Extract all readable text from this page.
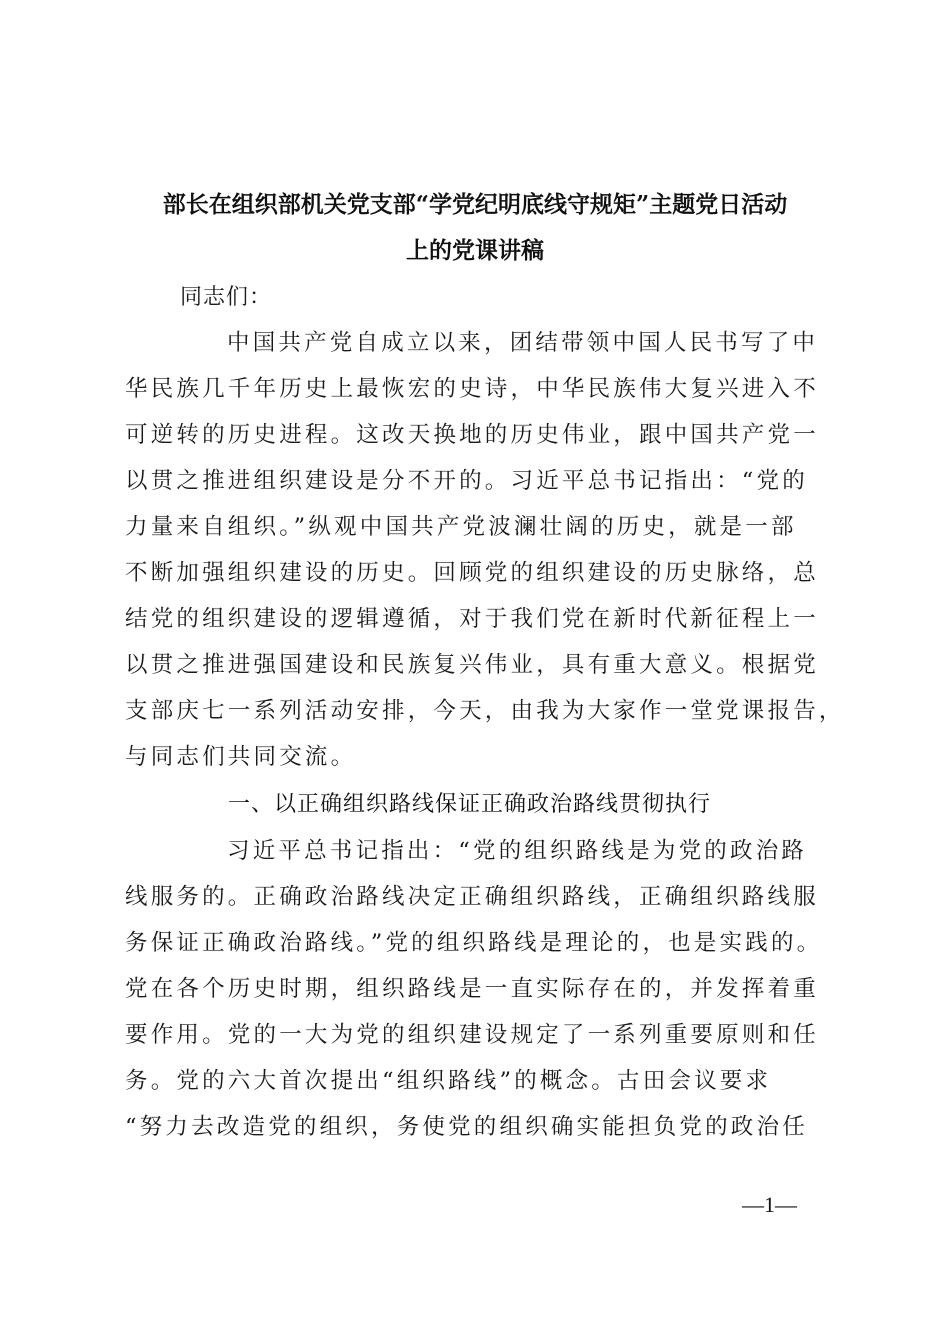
部长在组织部机关党支部“学党纪明底线守规矩”主题党日活动
上的党课讲稿
同志们：
中国共产党自成立以来，团结带领中国人民书写了中
华民族几千年历史上最恢宏的史诗，中华民族伟大复兴进入不
可逆转的历史进程。这改天换地的历史伟业，跟中国共产党一
以贯之推进组织建设是分不开的。习近平总书记指出：“党的
力量来自组织。”纵观中国共产党波澜壮阔的历史，就是一部
不断加强组织建设的历史。回顾党的组织建设的历史脉络，总
结党的组织建设的逻辑遵循，对于我们党在新时代新征程上一
以贯之推进强国建设和民族复兴伟业，具有重大意义。根据党
支部庆七一系列活动安排，今天，由我为大家作一堂党课报告，
与同志们共同交流。
一、以正确组织路线保证正确政治路线贯彻执行
习近平总书记指出：“党的组织路线是为党的政治路
线服务的。正确政治路线决定正确组织路线，正确组织路线服
务保证正确政治路线。”党的组织路线是理论的，也是实践的。
党在各个历史时期，组织路线是一直实际存在的，并发挥着重
要作用。党的一大为党的组织建设规定了一系列重要原则和任
务。党的六大首次提出“组织路线”的概念。古田会议要求
“努力去改造党的组织，务使党的组织确实能担负党的政治任
—1—
